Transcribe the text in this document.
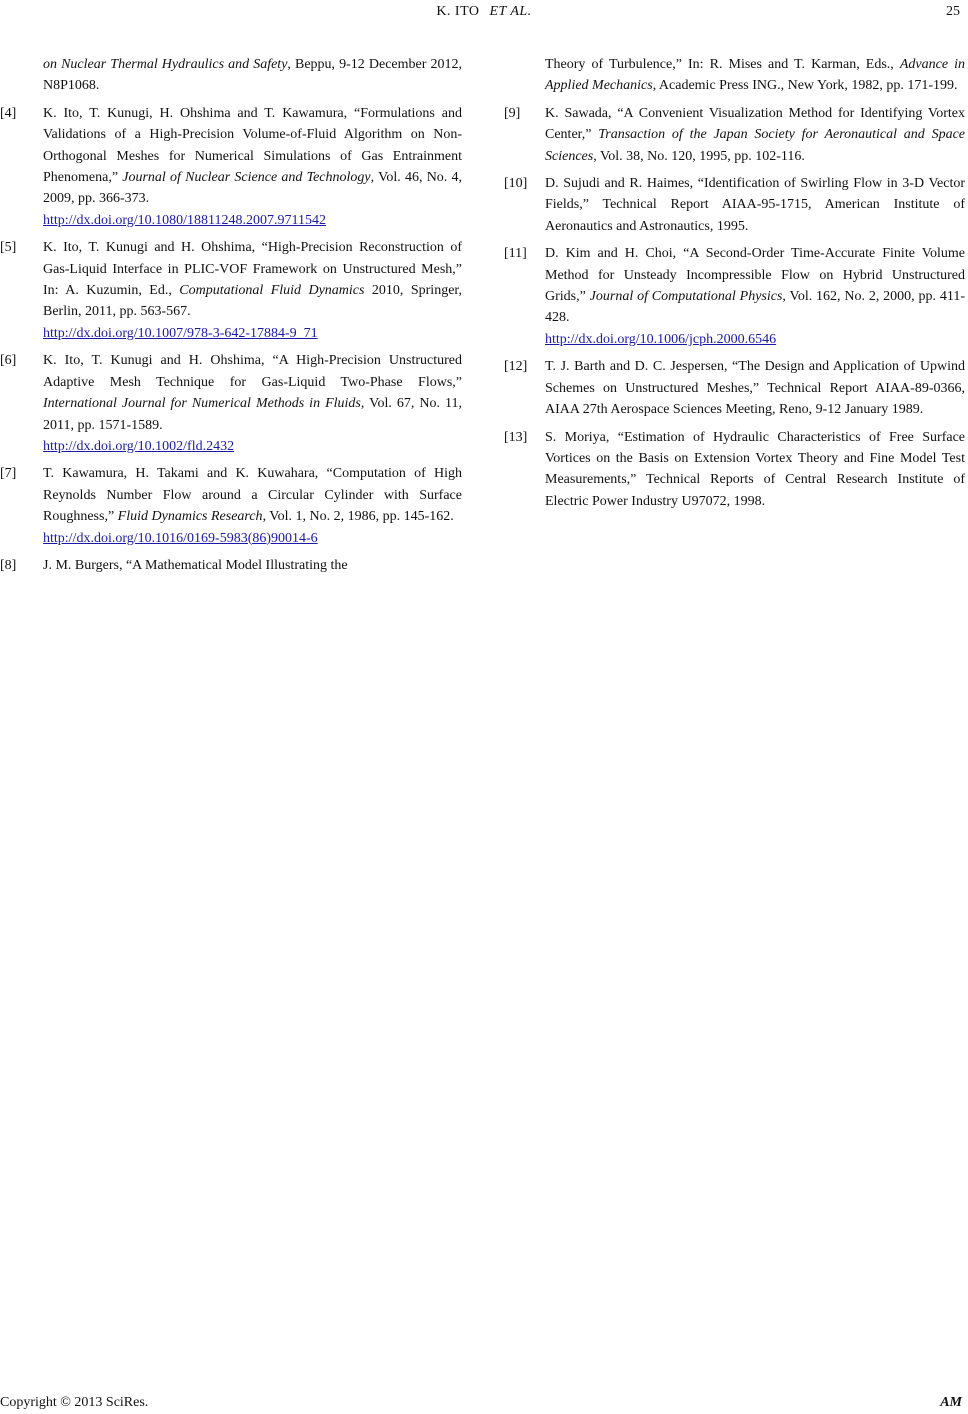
K. ITO ET AL.	25
on Nuclear Thermal Hydraulics and Safety, Beppu, 9-12 December 2012, N8P1068.
[4] K. Ito, T. Kunugi, H. Ohshima and T. Kawamura, “Formulations and Validations of a High-Precision Volume-of-Fluid Algorithm on Non-Orthogonal Meshes for Numerical Simulations of Gas Entrainment Phenomena,” Journal of Nuclear Science and Technology, Vol. 46, No. 4, 2009, pp. 366-373.
http://dx.doi.org/10.1080/18811248.2007.9711542
[5] K. Ito, T. Kunugi and H. Ohshima, “High-Precision Reconstruction of Gas-Liquid Interface in PLIC-VOF Framework on Unstructured Mesh,” In: A. Kuzumin, Ed., Computational Fluid Dynamics 2010, Springer, Berlin, 2011, pp. 563-567.
http://dx.doi.org/10.1007/978-3-642-17884-9_71
[6] K. Ito, T. Kunugi and H. Ohshima, “A High-Precision Unstructured Adaptive Mesh Technique for Gas-Liquid Two-Phase Flows,” International Journal for Numerical Methods in Fluids, Vol. 67, No. 11, 2011, pp. 1571-1589.
http://dx.doi.org/10.1002/fld.2432
[7] T. Kawamura, H. Takami and K. Kuwahara, “Computation of High Reynolds Number Flow around a Circular Cylinder with Surface Roughness,” Fluid Dynamics Research, Vol. 1, No. 2, 1986, pp. 145-162.
http://dx.doi.org/10.1016/0169-5983(86)90014-6
[8] J. M. Burgers, “A Mathematical Model Illustrating the
Theory of Turbulence,” In: R. Mises and T. Karman, Eds., Advance in Applied Mechanics, Academic Press ING., New York, 1982, pp. 171-199.
[9] K. Sawada, “A Convenient Visualization Method for Identifying Vortex Center,” Transaction of the Japan Society for Aeronautical and Space Sciences, Vol. 38, No. 120, 1995, pp. 102-116.
[10] D. Sujudi and R. Haimes, “Identification of Swirling Flow in 3-D Vector Fields,” Technical Report AIAA-95-1715, American Institute of Aeronautics and Astronautics, 1995.
[11] D. Kim and H. Choi, “A Second-Order Time-Accurate Finite Volume Method for Unsteady Incompressible Flow on Hybrid Unstructured Grids,” Journal of Computational Physics, Vol. 162, No. 2, 2000, pp. 411-428.
http://dx.doi.org/10.1006/jcph.2000.6546
[12] T. J. Barth and D. C. Jespersen, “The Design and Application of Upwind Schemes on Unstructured Meshes,” Technical Report AIAA-89-0366, AIAA 27th Aerospace Sciences Meeting, Reno, 9-12 January 1989.
[13] S. Moriya, “Estimation of Hydraulic Characteristics of Free Surface Vortices on the Basis on Extension Vortex Theory and Fine Model Test Measurements,” Technical Reports of Central Research Institute of Electric Power Industry U97072, 1998.
Copyright © 2013 SciRes.	AM
